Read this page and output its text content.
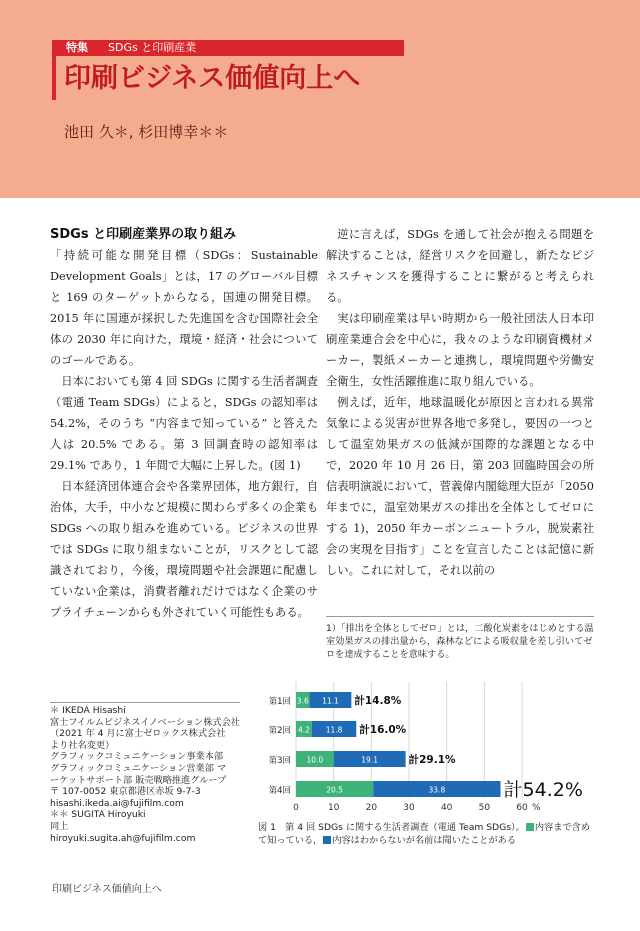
特集 SDGs と印刷産業
印刷ビジネス価値向上へ
池田 久＊, 杉田博幸＊＊
SDGs と印刷産業界の取り組み

「持続可能な開発目標（SDGs：Sustainable Development Goals」とは，17 のグローバル目標と 169 のターゲットからなる，国連の開発目標。2015 年に国連が採択した先進国を含む国際社会全体の 2030 年に向けた，環境・経済・社会についてのゴールである。

日本においても第 4 回 SDGs に関する生活者調査（電通 Team SDGs）によると，SDGs の認知率は 54.2%，そのうち “内容まで知っている” と答えた人は 20.5% である。第 3 回調査時の認知率は 29.1% であり，1 年間で大幅に上昇した。(図 1)

日本経済団体連合会や各業界団体，地方銀行，自治体，大手，中小など規模に関わらず多くの企業も SDGs への取り組みを進めている。ビジネスの世界では SDGs に取り組まないことが，リスクとして認識されており，今後，環境問題や社会課題に配慮していない企業は，消費者離れだけではなく企業のサプライチェーンからも外されていく可能性もある。

逆に言えば，SDGs を通して社会が抱える問題を解決することは，経営リスクを回避し，新たなビジネスチャンスを獲得することに繋がると考えられる。

実は印刷産業は早い時期から一般社団法人日本印刷産業連合会を中心に，我々のような印刷資機材メーカー，製紙メーカーと連携し，環境問題や労働安全衛生，女性活躍推進に取り組んでいる。

例えば，近年，地球温暖化が原因と言われる異常気象による災害が世界各地で多発し，要因の一つとして温室効果ガスの低減が国際的な課題となる中で，2020 年 10 月 26 日，第 203 回臨時国会の所信表明演説において，菅義偉内閣総理大臣が「2050 年までに，温室効果ガスの排出を全体としてゼロにする 1)，2050 年カーボンニュートラル，脱炭素社会の実現を目指す」ことを宣言したことは記憶に新しい。これに対して，それ以前の

1）「排出を全体としてゼロ」とは，二酸化炭素をはじめとする温室効果ガスの排出量から，森林などによる吸収量を差し引いてゼロを達成することを意味する。
＊ IKEDA Hisashi
富士フイルムビジネスイノベーション株式会社
（2021 年 4 月に富士ゼロックス株式会社
より社名変更）
グラフィックコミュニケーション事業本部
グラフィックコミュニケーション営業部 マ
ーケットサポート部 販売戦略推進グループ
〒 107-0052 東京都港区赤坂 9-7-3
hisashi.ikeda.ai@fujifilm.com
＊＊ SUGITA Hiroyuki
同上
hiroyuki.sugita.ah@fujifilm.com
0	10	20	30	40	50	60 %
第1回 3.6 11.1 計14.8%
第2回 4.2 11.8 計16.0%
第3回 10.0	19.1	計29.1%
第4回	20.5	33.8	計54.2%
図 1　第 4 回 SDGs に関する生活者調査（電通 Team SDGs）。 内容まで含めて知っている， 内容はわからないが名前は聞いたことがある
印刷ビジネス価値向上へ
